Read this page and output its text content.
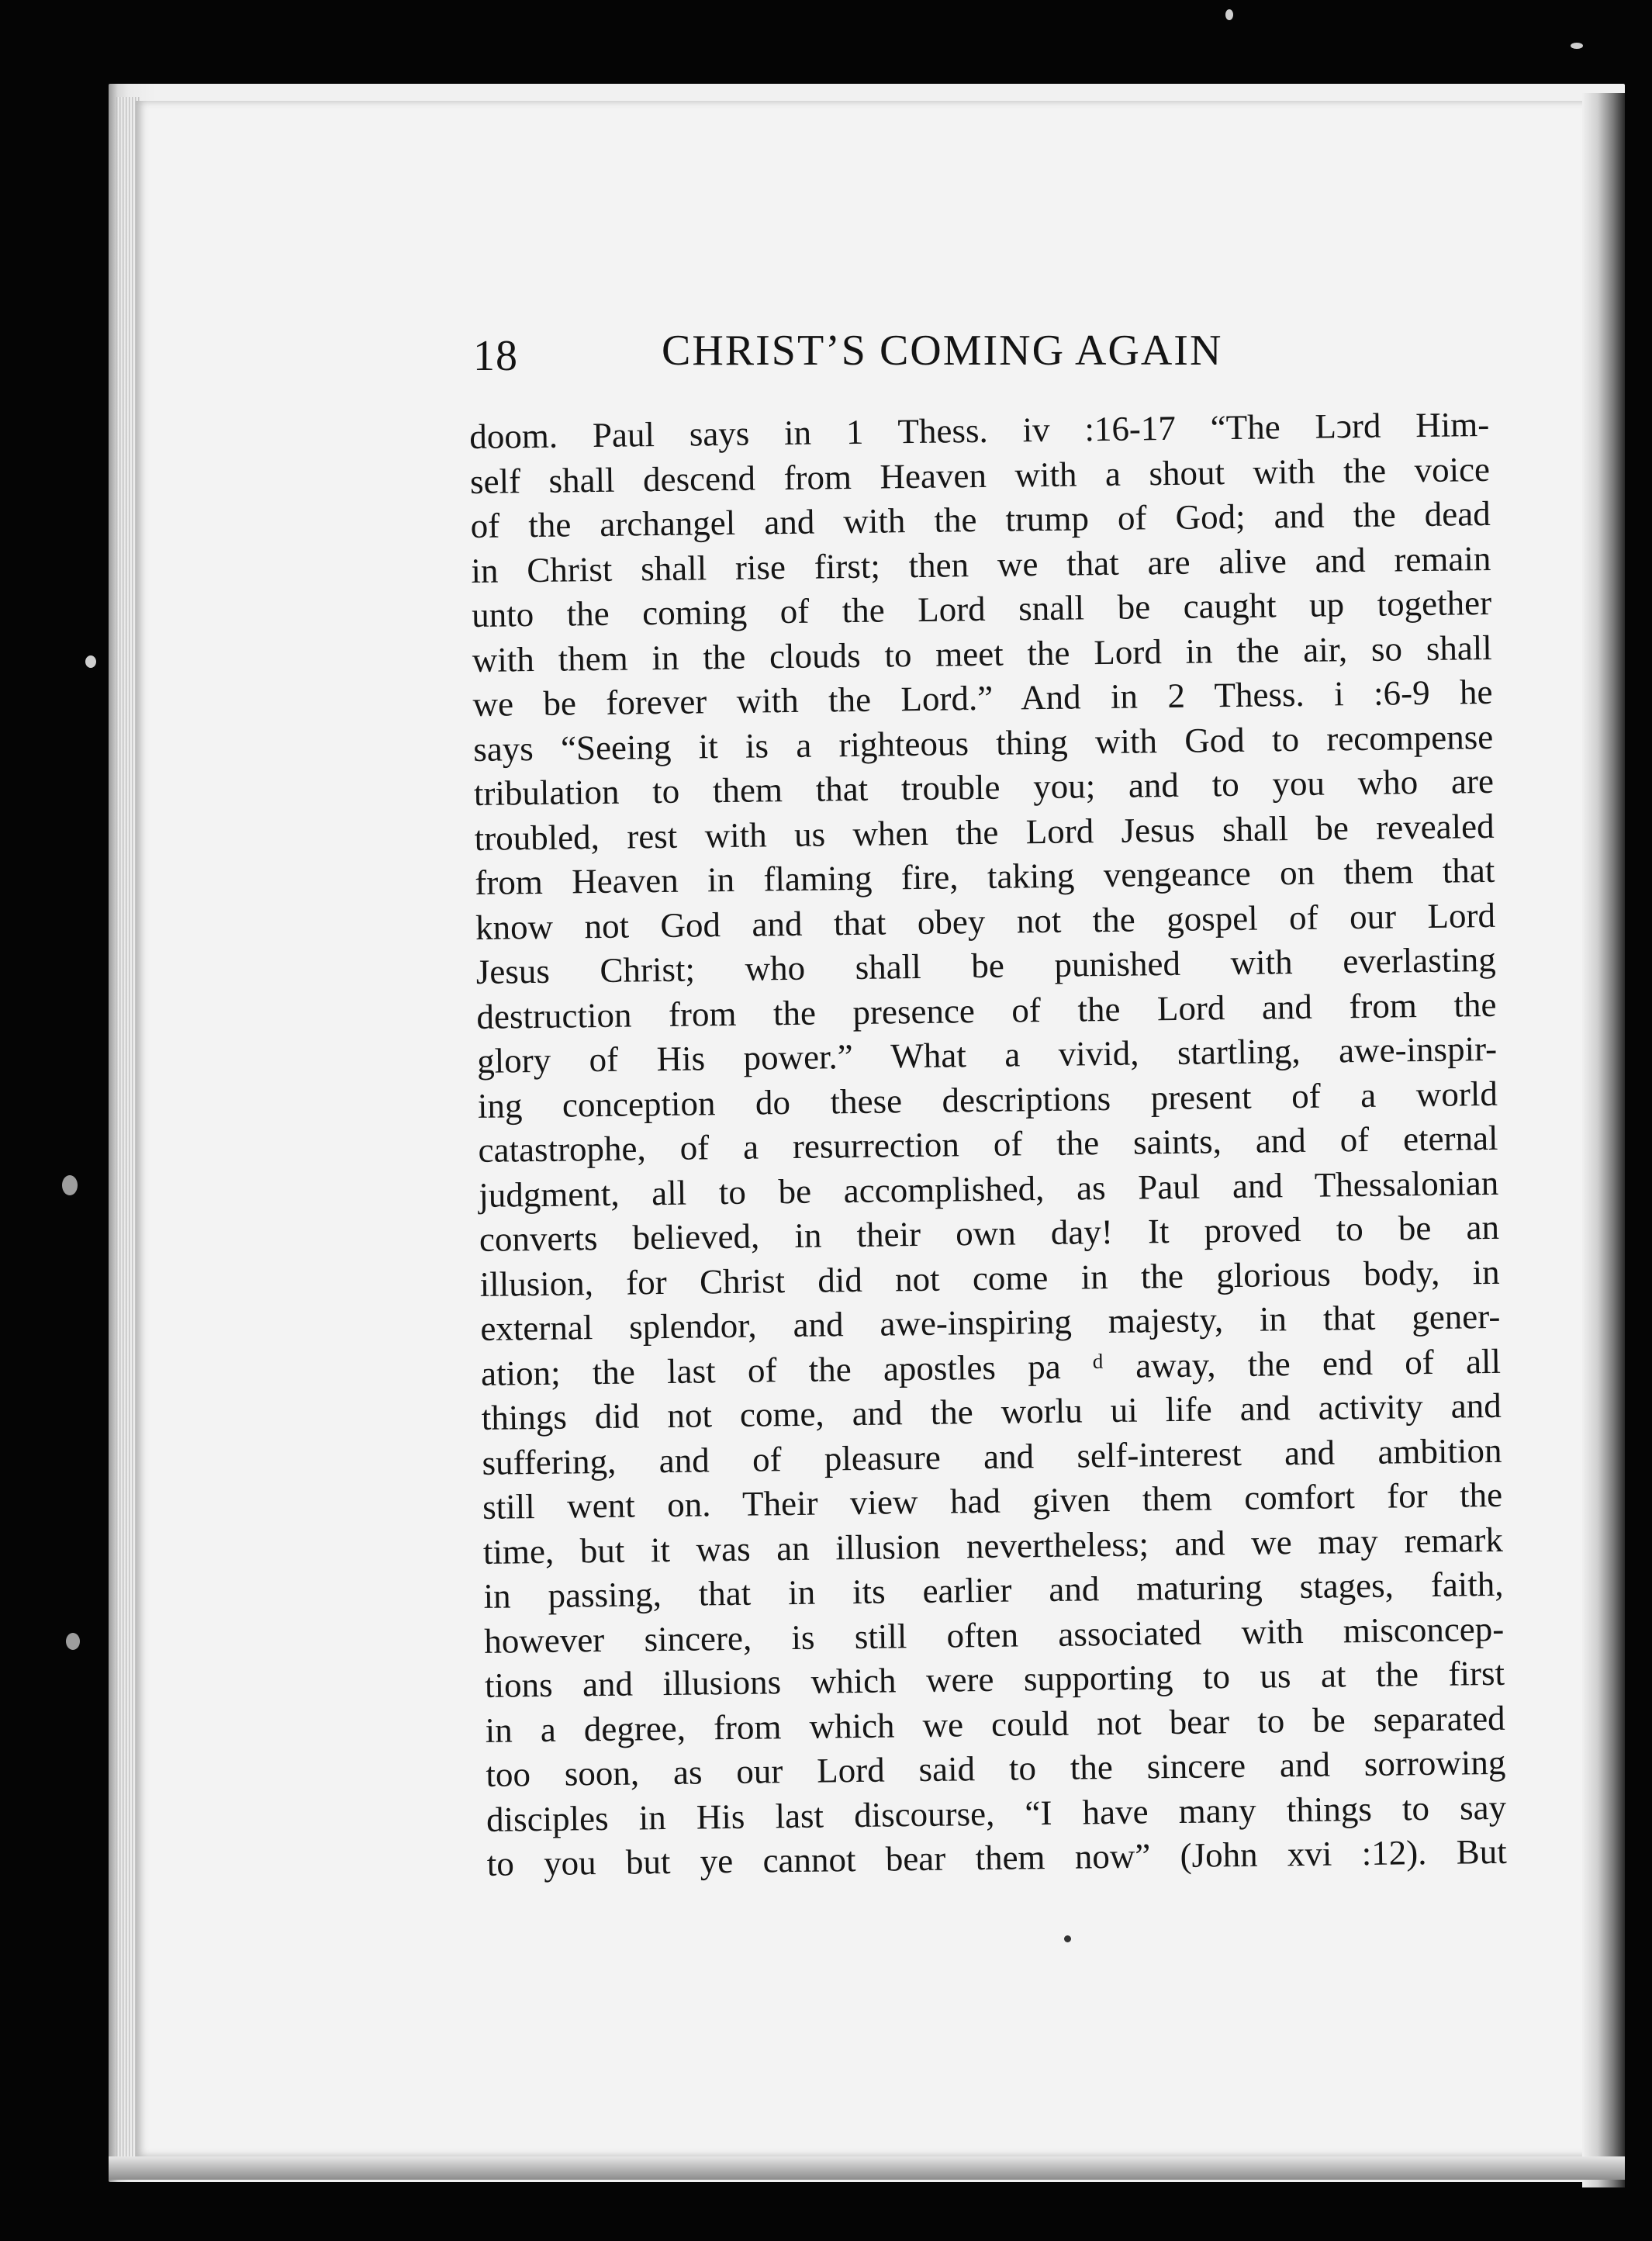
18	CHRIST’S COMING AGAIN
doom. Paul says in 1 Thess. iv :16-17 “The Lↄrd Him-
self shall descend from Heaven with a shout with the voice
of the archangel and with the trump of God; and the dead
in Christ shall rise first; then we that are alive and remain
unto the coming of the Lord snall be caught up together
with them in the clouds to meet the Lord in the air, so shall
we be forever with the Lord.” And in 2 Thess. i :6-9 he
says “Seeing it is a righteous thing with God to recompense
tribulation to them that trouble you; and to you who are
troubled, rest with us when the Lord Jesus shall be revealed
from Heaven in flaming fire, taking vengeance on them that
know not God and that obey not the gospel of our Lord
Jesus Christ; who shall be punished with everlasting
destruction from the presence of the Lord and from the
glory of His power.” What a vivid, startling, awe-inspir-
ing conception do these descriptions present of a world
catastrophe, of a resurrection of the saints, and of eternal
judgment, all to be accomplished, as Paul and Thessalonian
converts believed, in their own day! It proved to be an
illusion, for Christ did not come in the glorious body, in
external splendor, and awe-inspiring majesty, in that gener-
ation; the last of the apostles pa ᵈ away, the end of all
things did not come, and the worlu ui life and activity and
suffering, and of pleasure and self-interest and ambition
still went on. Their view had given them comfort for the
time, but it was an illusion nevertheless; and we may remark
in passing, that in its earlier and maturing stages, faith,
however sincere, is still often associated with misconcep-
tions and illusions which were supporting to us at the first
in a degree, from which we could not bear to be separated
too soon, as our Lord said to the sincere and sorrowing
disciples in His last discourse, “I have many things to say
to you but ye cannot bear them now” (John xvi :12). But
